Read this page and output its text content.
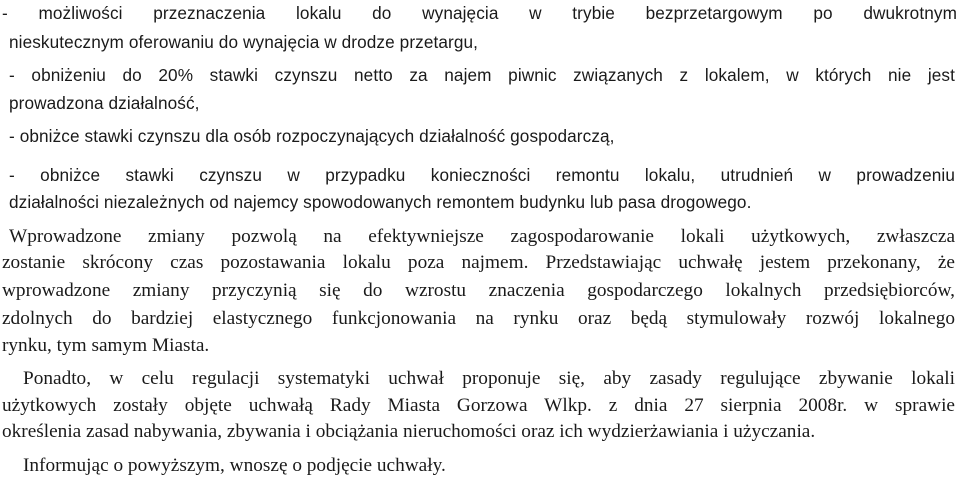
- możliwości przeznaczenia lokalu do wynajęcia w trybie bezprzetargowym po dwukrotnym
nieskutecznym oferowaniu do wynajęcia w drodze przetargu,
- obniżeniu do 20% stawki czynszu netto za najem piwnic związanych z lokalem, w których nie jest
prowadzona działalność,
- obniżce stawki czynszu dla osób rozpoczynających działalność gospodarczą,
- obniżce stawki czynszu w przypadku konieczności remontu lokalu, utrudnień w prowadzeniu
działalności niezależnych od najemcy spowodowanych remontem budynku lub pasa drogowego.
Wprowadzone zmiany pozwolą na efektywniejsze zagospodarowanie lokali użytkowych, zwłaszcza
zostanie skrócony czas pozostawania lokalu poza najmem. Przedstawiając uchwałę jestem przekonany, że
wprowadzone zmiany przyczynią się do wzrostu znaczenia gospodarczego lokalnych przedsiębiorców,
zdolnych do bardziej elastycznego funkcjonowania na rynku oraz będą stymulowały rozwój lokalnego
rynku, tym samym Miasta.
Ponadto, w celu regulacji systematyki uchwał proponuje się, aby zasady regulujące zbywanie lokali
użytkowych zostały objęte uchwałą Rady Miasta Gorzowa Wlkp. z dnia 27 sierpnia 2008r. w sprawie
określenia zasad nabywania, zbywania i obciążania nieruchomości oraz ich wydzierżawiania i użyczania.
Informując o powyższym, wnoszę o podjęcie uchwały.
